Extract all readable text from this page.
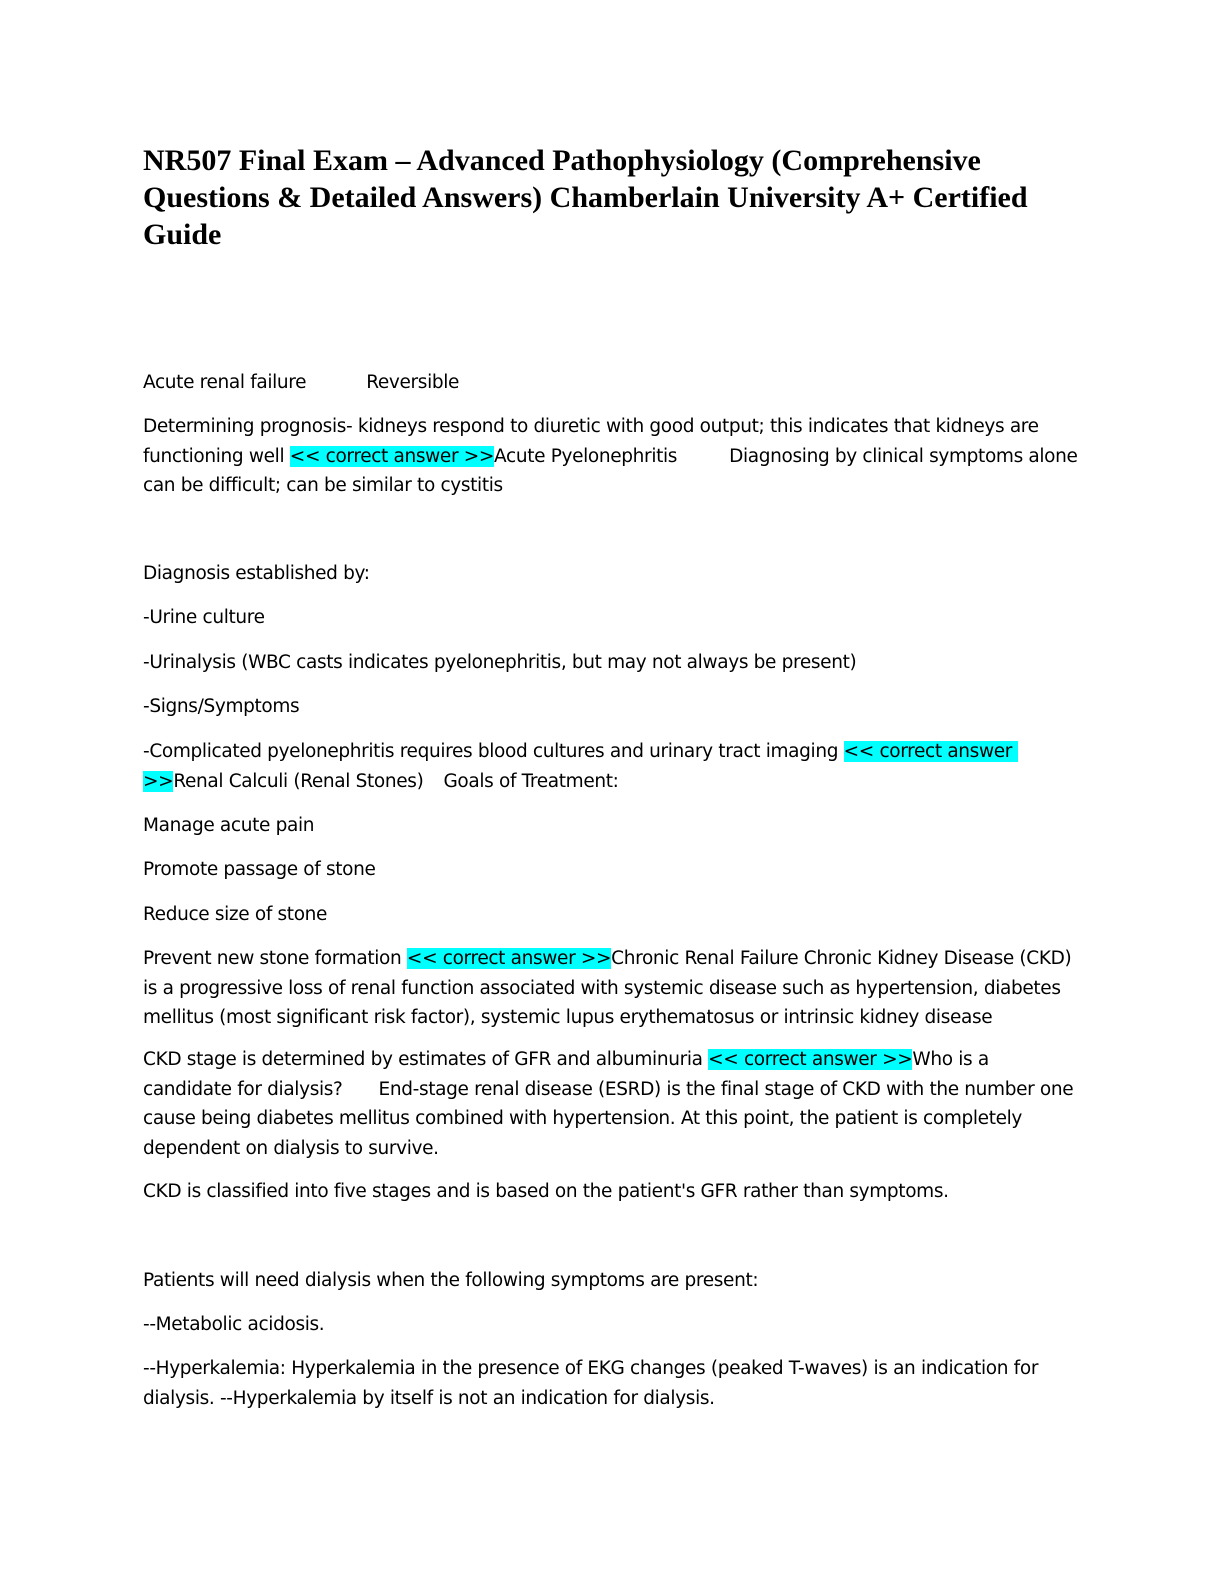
NR507 Final Exam – Advanced Pathophysiology (Comprehensive Questions & Detailed Answers) Chamberlain University A+ Certified Guide

Acute renal failure	Reversible

Determining prognosis- kidneys respond to diuretic with good output; this indicates that kidneys are functioning well << correct answer >>Acute Pyelonephritis	Diagnosing by clinical symptoms alone can be difficult; can be similar to cystitis

Diagnosis established by:

-Urine culture

-Urinalysis (WBC casts indicates pyelonephritis, but may not always be present)

-Signs/Symptoms

-Complicated pyelonephritis requires blood cultures and urinary tract imaging << correct answer >>Renal Calculi (Renal Stones) Goals of Treatment:

Manage acute pain

Promote passage of stone

Reduce size of stone

Prevent new stone formation << correct answer >>Chronic Renal Failure Chronic Kidney Disease (CKD) is a progressive loss of renal function associated with systemic disease such as hypertension, diabetes mellitus (most significant risk factor), systemic lupus erythematosus or intrinsic kidney disease

CKD stage is determined by estimates of GFR and albuminuria << correct answer >>Who is a candidate for dialysis? End-stage renal disease (ESRD) is the final stage of CKD with the number one cause being diabetes mellitus combined with hypertension. At this point, the patient is completely dependent on dialysis to survive.

CKD is classified into five stages and is based on the patient's GFR rather than symptoms.

Patients will need dialysis when the following symptoms are present:

--Metabolic acidosis.

--Hyperkalemia: Hyperkalemia in the presence of EKG changes (peaked T-waves) is an indication for dialysis. --Hyperkalemia by itself is not an indication for dialysis.
